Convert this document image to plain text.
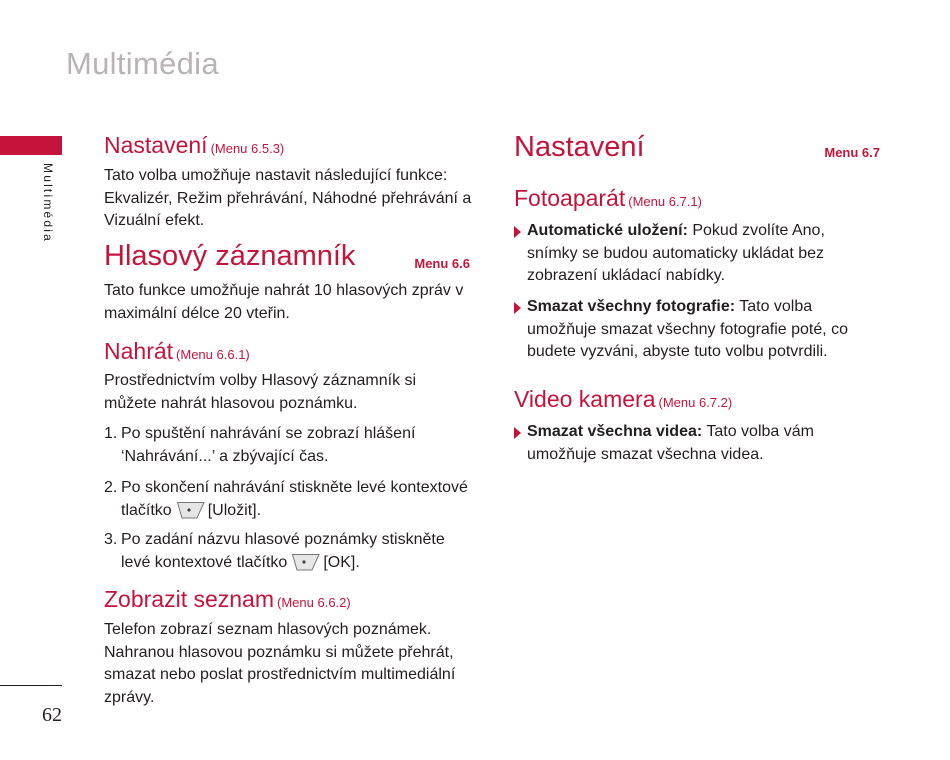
Multimédia
Multimédia
62
Nastavení (Menu 6.5.3)

Tato volba umožňuje nastavit následující funkce: Ekvalizér, Režim přehrávání, Náhodné přehrávání a Vizuální efekt.

Hlasový záznamník	Menu 6.6

Tato funkce umožňuje nahrát 10 hlasových zpráv v maximální délce 20 vteřin.

Nahrát (Menu 6.6.1)

Prostřednictvím volby Hlasový záznamník si můžete nahrát hlasovou poznámku.

1. Po spuštění nahrávání se zobrazí hlášení
‘Nahrávání...’ a zbývající čas.

2. Po skončení nahrávání stiskněte levé kontextové
tlačítko [Uložit].

3. Po zadání názvu hlasové poznámky stiskněte
levé kontextové tlačítko [OK].

Zobrazit seznam (Menu 6.6.2)

Telefon zobrazí seznam hlasových poznámek. Nahranou hlasovou poznámku si můžete přehrát, smazat nebo poslat prostřednictvím multimediální zprávy.

Nastavení	Menu 6.7
Fotoaparát (Menu 6.7.1)

Automatické uložení: Pokud zvolíte Ano, snímky se budou automaticky ukládat bez zobrazení ukládací nabídky.

Smazat všechny fotografie: Tato volba umožňuje smazat všechny fotografie poté, co budete vyzváni, abyste tuto volbu potvrdili.

Video kamera (Menu 6.7.2)

Smazat všechna videa: Tato volba vám umožňuje smazat všechna videa.
